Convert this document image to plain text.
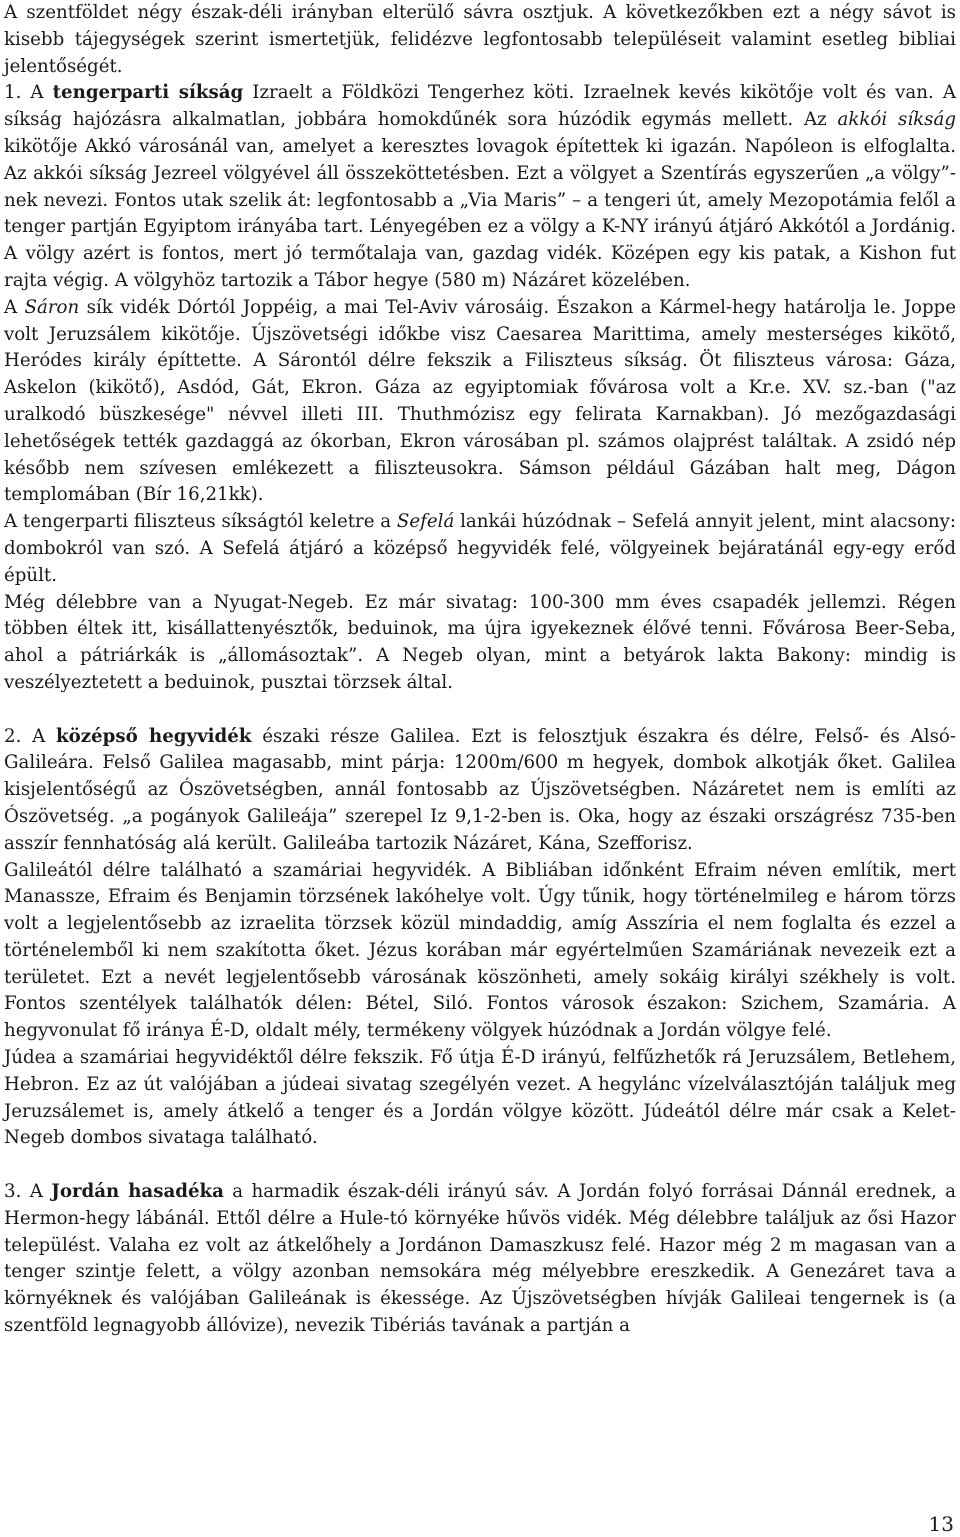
A szentföldet négy észak-déli irányban elterülő sávra osztjuk. A következőkben ezt a négy sávot is kisebb tájegységek szerint ismertetjük, felidézve legfontosabb településeit valamint esetleg bibliai jelentőségét.

1. A tengerparti síkság Izraelt a Földközi Tengerhez köti. Izraelnek kevés kikötője volt és van. A síkság hajózásra alkalmatlan, jobbára homokdűnék sora húzódik egymás mellett. Az akkói síkság kikötője Akkó városánál van, amelyet a keresztes lovagok építettek ki igazán. Napóleon is elfoglalta. Az akkói síkság Jezreel völgyével áll összeköttetésben. Ezt a völgyet a Szentírás egyszerűen „a völgy”-nek nevezi. Fontos utak szelik át: legfontosabb a „Via Maris” – a tengeri út, amely Mezopotámia felől a tenger partján Egyiptom irányába tart. Lényegében ez a völgy a K-NY irányú átjáró Akkótól a Jordánig. A völgy azért is fontos, mert jó termőtalaja van, gazdag vidék. Középen egy kis patak, a Kishon fut rajta végig. A völgyhöz tartozik a Tábor hegye (580 m) Názáret közelében.

A Sáron sík vidék Dórtól Joppéig, a mai Tel-Aviv városáig. Északon a Kármel-hegy határolja le. Joppe volt Jeruzsálem kikötője. Újszövetségi időkbe visz Caesarea Marittima, amely mesterséges kikötő, Heródes király építtette. A Sárontól délre fekszik a Filiszteus síkság. Öt filiszteus városa: Gáza, Askelon (kikötő), Asdód, Gát, Ekron. Gáza az egyiptomiak fővárosa volt a Kr.e. XV. sz.-ban ("az uralkodó büszkesége" névvel illeti III. Thuthmózisz egy felirata Karnakban). Jó mezőgazdasági lehetőségek tették gazdaggá az ókorban, Ekron városában pl. számos olajprést találtak. A zsidó nép később nem szívesen emlékezett a filiszteusokra. Sámson például Gázában halt meg, Dágon templomában (Bír 16,21kk).

A tengerparti filiszteus síkságtól keletre a Sefelá lankái húzódnak – Sefelá annyit jelent, mint alacsony: dombokról van szó. A Sefelá átjáró a középső hegyvidék felé, völgyeinek bejáratánál egy-egy erőd épült.

Még délebbre van a Nyugat-Negeb. Ez már sivatag: 100-300 mm éves csapadék jellemzi. Régen többen éltek itt, kisállattenyésztők, beduinok, ma újra igyekeznek élővé tenni. Fővárosa Beer-Seba, ahol a pátriárkák is „állomásoztak”. A Negeb olyan, mint a betyárok lakta Bakony: mindig is veszélyeztetett a beduinok, pusztai törzsek által.

2. A középső hegyvidék északi része Galilea. Ezt is felosztjuk északra és délre, Felső- és Alsó-Galileára. Felső Galilea magasabb, mint párja: 1200m/600 m hegyek, dombok alkotják őket. Galilea kisjelentőségű az Ószövetségben, annál fontosabb az Újszövetségben. Názáretet nem is említi az Ószövetség. „a pogányok Galileája” szerepel Iz 9,1-2-ben is. Oka, hogy az északi országrész 735-ben asszír fennhatóság alá került. Galileába tartozik Názáret, Kána, Szefforisz.

Galileától délre található a szamáriai hegyvidék. A Bibliában időnként Efraim néven említik, mert Manassze, Efraim és Benjamin törzsének lakóhelye volt. Úgy tűnik, hogy történelmileg e három törzs volt a legjelentősebb az izraelita törzsek közül mindaddig, amíg Asszíria el nem foglalta és ezzel a történelemből ki nem szakította őket. Jézus korában már egyértelműen Szamáriának nevezeik ezt a területet. Ezt a nevét legjelentősebb városának köszönheti, amely sokáig királyi székhely is volt. Fontos szentélyek találhatók délen: Bétel, Siló. Fontos városok északon: Szichem, Szamária. A hegyvonulat fő iránya É-D, oldalt mély, termékeny völgyek húzódnak a Jordán völgye felé.

Júdea a szamáriai hegyvidéktől délre fekszik. Fő útja É-D irányú, felfűzhetők rá Jeruzsálem, Betlehem, Hebron. Ez az út valójában a júdeai sivatag szegélyén vezet. A hegylánc vízelválasztóján találjuk meg Jeruzsálemet is, amely átkelő a tenger és a Jordán völgye között. Júdeától délre már csak a Kelet-Negeb dombos sivataga található.

3. A Jordán hasadéka a harmadik észak-déli irányú sáv. A Jordán folyó forrásai Dánnál erednek, a Hermon-hegy lábánál. Ettől délre a Hule-tó környéke hűvös vidék. Még délebbre találjuk az ősi Hazor települést. Valaha ez volt az átkelőhely a Jordánon Damaszkusz felé. Hazor még 2 m magasan van a tenger szintje felett, a völgy azonban nemsokára még mélyebbre ereszkedik. A Genezáret tava a környéknek és valójában Galileának is ékessége. Az Újszövetségben hívják Galileai tengernek is (a szentföld legnagyobb állóvize), nevezik Tibériás tavának a partján a

13
